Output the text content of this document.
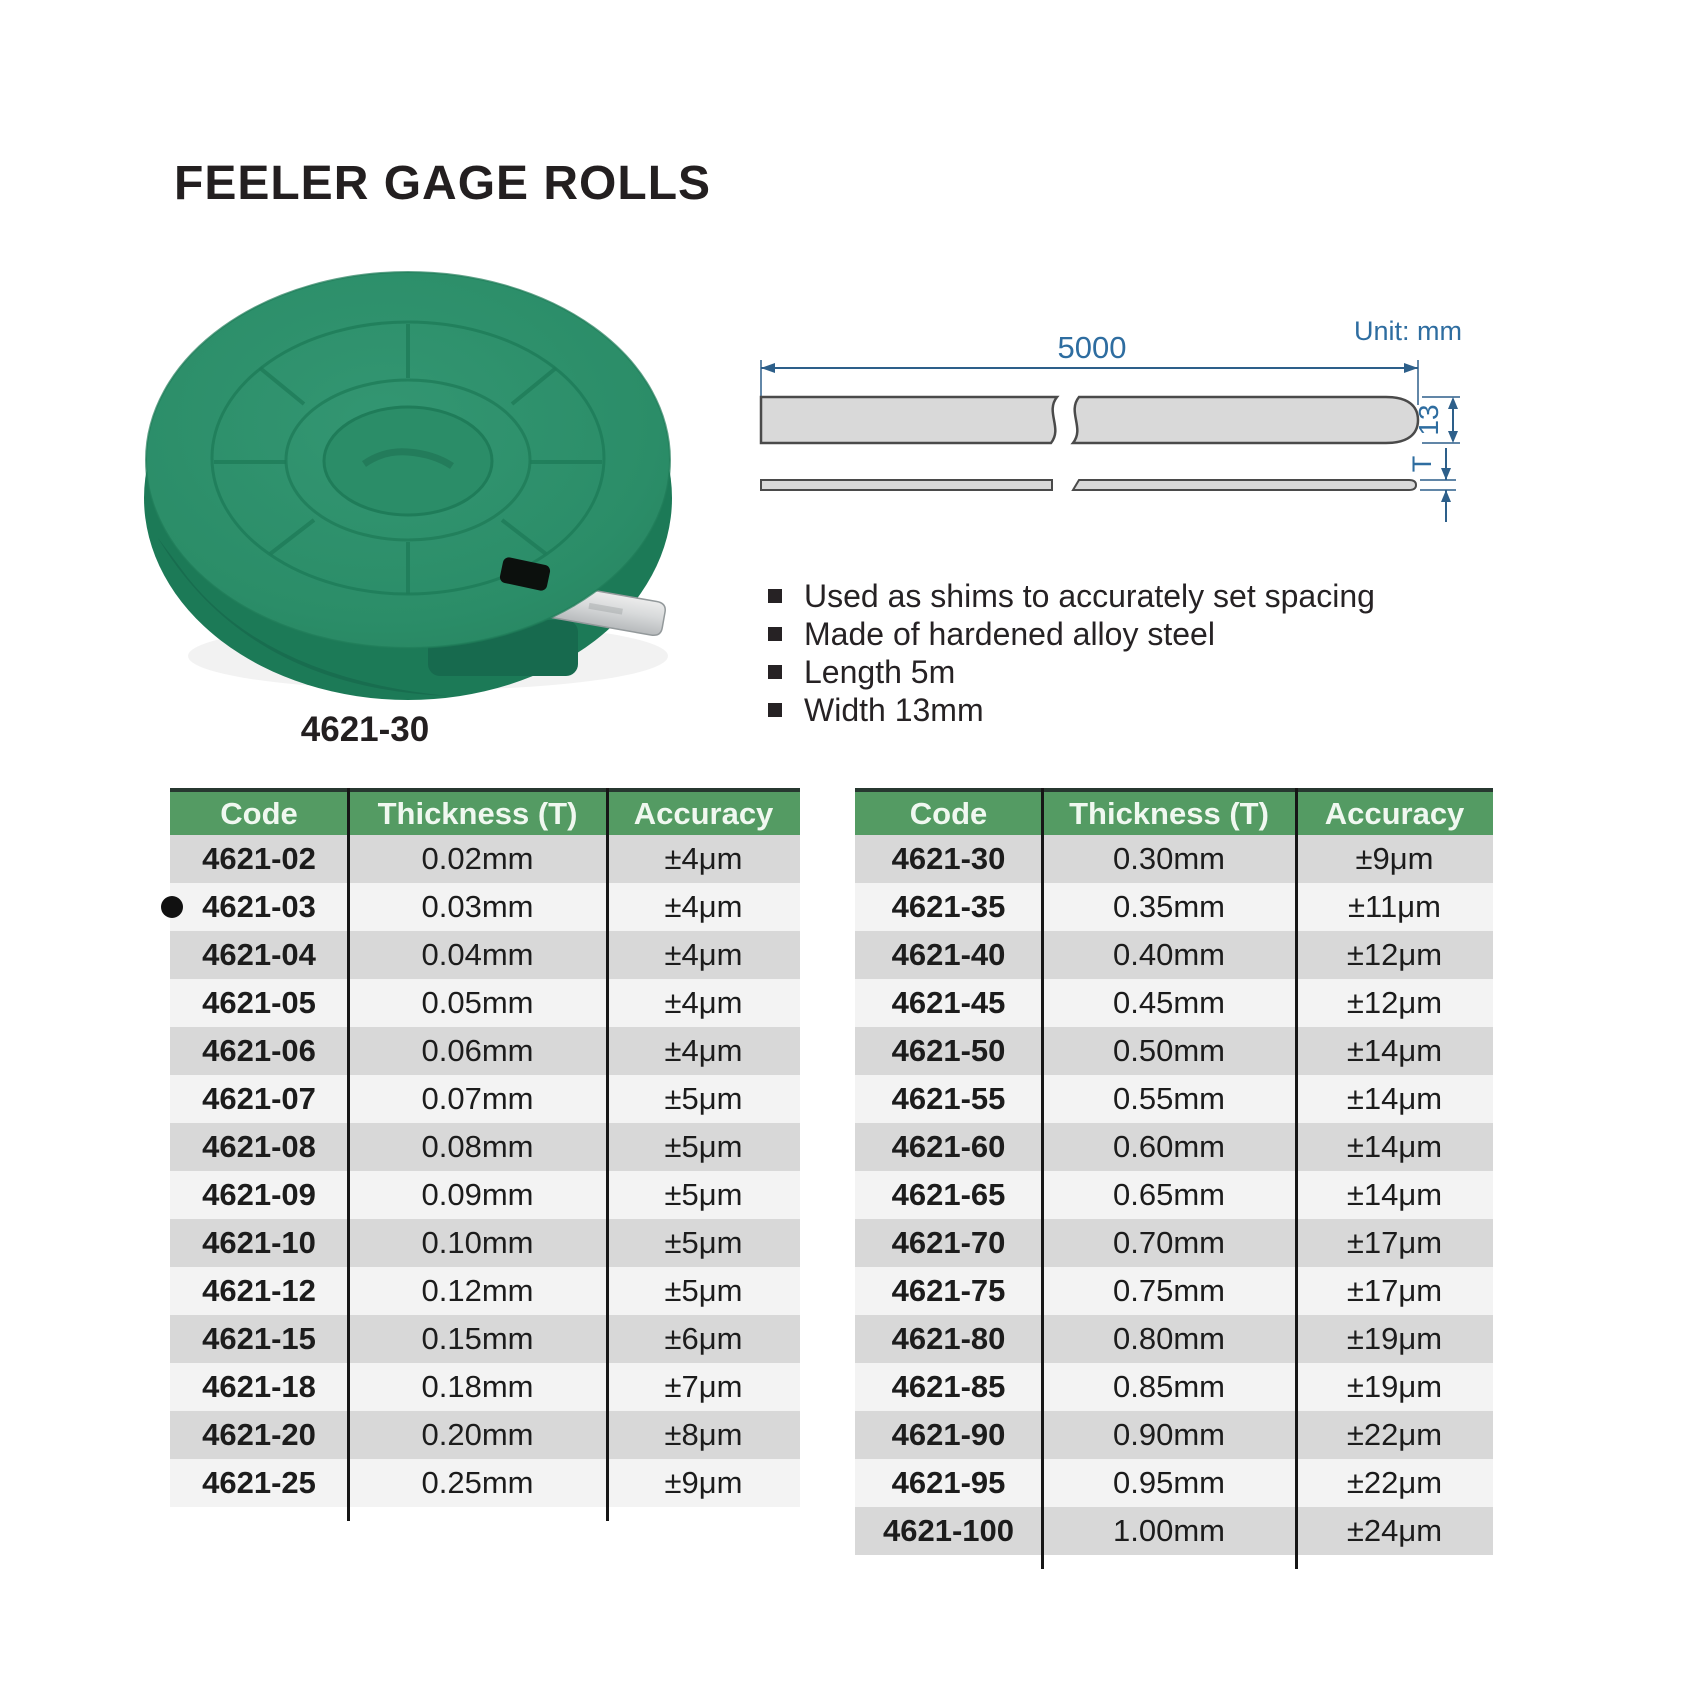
FEELER GAGE ROLLS
4621-30
Unit: mm
5000
13
T
Used as shims to accurately set spacing
Made of hardened alloy steel
Length 5m
Width 13mm
Code	Thickness (T)	Accuracy
4621-02	0.02mm	±4μm
4621-03	0.03mm	±4μm
4621-04	0.04mm	±4μm
4621-05	0.05mm	±4μm
4621-06	0.06mm	±4μm
4621-07	0.07mm	±5μm
4621-08	0.08mm	±5μm
4621-09	0.09mm	±5μm
4621-10	0.10mm	±5μm
4621-12	0.12mm	±5μm
4621-15	0.15mm	±6μm
4621-18	0.18mm	±7μm
4621-20	0.20mm	±8μm
4621-25	0.25mm	±9μm
Code	Thickness (T)	Accuracy
4621-30	0.30mm	±9μm
4621-35	0.35mm	±11μm
4621-40	0.40mm	±12μm
4621-45	0.45mm	±12μm
4621-50	0.50mm	±14μm
4621-55	0.55mm	±14μm
4621-60	0.60mm	±14μm
4621-65	0.65mm	±14μm
4621-70	0.70mm	±17μm
4621-75	0.75mm	±17μm
4621-80	0.80mm	±19μm
4621-85	0.85mm	±19μm
4621-90	0.90mm	±22μm
4621-95	0.95mm	±22μm
4621-100	1.00mm	±24μm
